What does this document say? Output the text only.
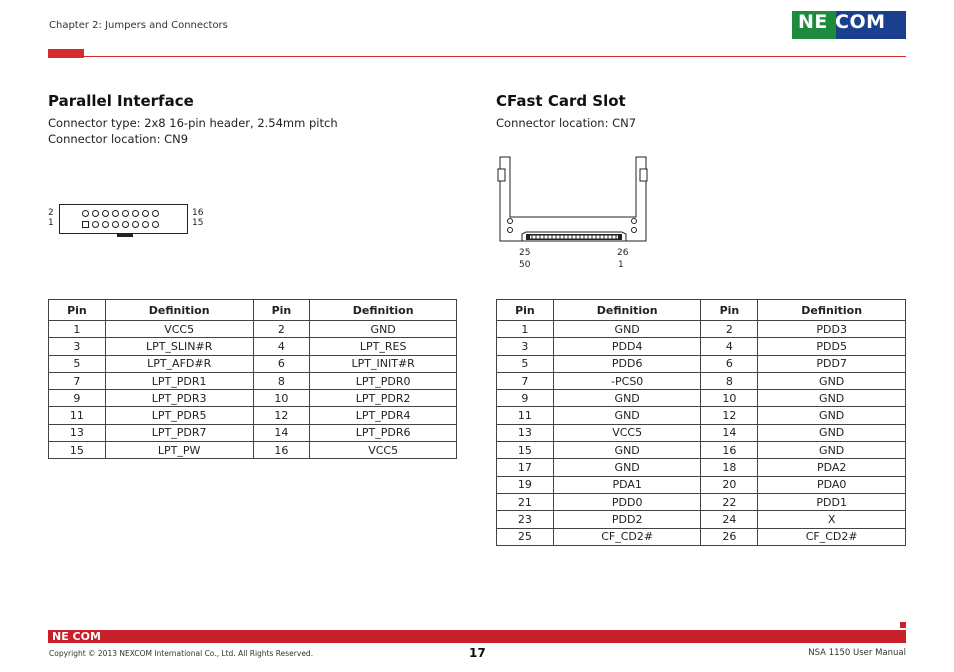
Chapter 2: Jumpers and Connectors	NE COM
Parallel Interface
Connector type: 2x8 16-pin header, 2.54mm pitch
Connector location: CN9
2
1
16
15
Pin	Definition	Pin	Definition
1	VCC5	2	GND
3	LPT_SLIN#R	4	LPT_RES
5	LPT_AFD#R	6	LPT_INIT#R
7	LPT_PDR1	8	LPT_PDR0
9	LPT_PDR3	10	LPT_PDR2
11	LPT_PDR5	12	LPT_PDR4
13	LPT_PDR7	14	LPT_PDR6
15	LPT_PW	16	VCC5
CFast Card Slot
Connector location: CN7
25
50
26
1
Pin	Definition	Pin	Definition
1	GND	2	PDD3
3	PDD4	4	PDD5
5	PDD6	6	PDD7
7	-PCS0	8	GND
9	GND	10	GND
11	GND	12	GND
13	VCC5	14	GND
15	GND	16	GND
17	GND	18	PDA2
19	PDA1	20	PDA0
21	PDD0	22	PDD1
23	PDD2	24	X
25	CF_CD2#	26	CF_CD2#
NE COM
Copyright © 2013 NEXCOM International Co., Ltd. All Rights Reserved.	17	NSA 1150 User Manual
